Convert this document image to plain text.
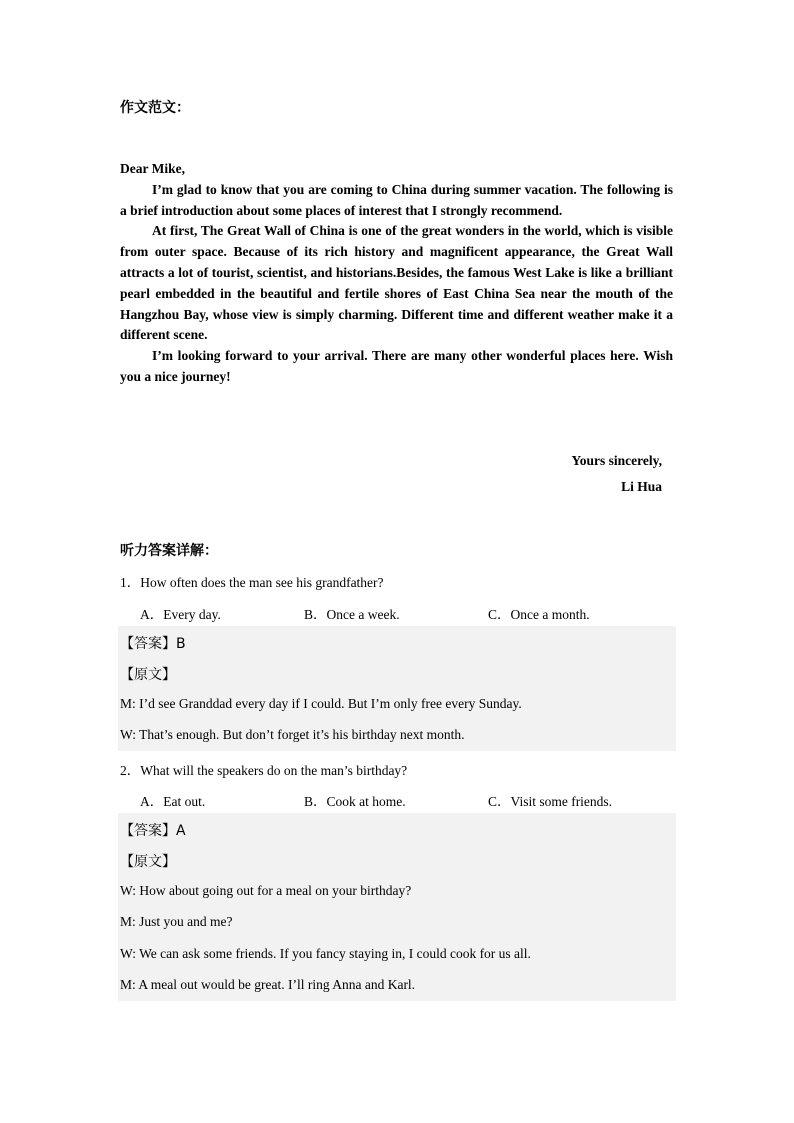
作文范文：

Dear Mike,

I’m glad to know that you are coming to China during summer vacation. The following is a brief introduction about some places of interest that I strongly recommend.

At first, The Great Wall of China is one of the great wonders in the world, which is visible from outer space. Because of its rich history and magnificent appearance, the Great Wall attracts a lot of tourist, scientist, and historians.Besides, the famous West Lake is like a brilliant pearl embedded in the beautiful and fertile shores of East China Sea near the mouth of the Hangzhou Bay, whose view is simply charming. Different time and different weather make it a different scene.

I’m looking forward to your arrival. There are many other wonderful places here. Wish you a nice journey!

Yours sincerely,
Li Hua
听力答案详解：
1．How often does the man see his grandfather?
A．Every day.	B．Once a week.	C．Once a month.
【答案】B
【原文】
M: I’d see Granddad every day if I could. But I’m only free every Sunday.
W: That’s enough. But don’t forget it’s his birthday next month.
2．What will the speakers do on the man’s birthday?
A．Eat out.	B．Cook at home.	C．Visit some friends.
【答案】A
【原文】
W: How about going out for a meal on your birthday?
M: Just you and me?
W: We can ask some friends. If you fancy staying in, I could cook for us all.
M: A meal out would be great. I’ll ring Anna and Karl.
